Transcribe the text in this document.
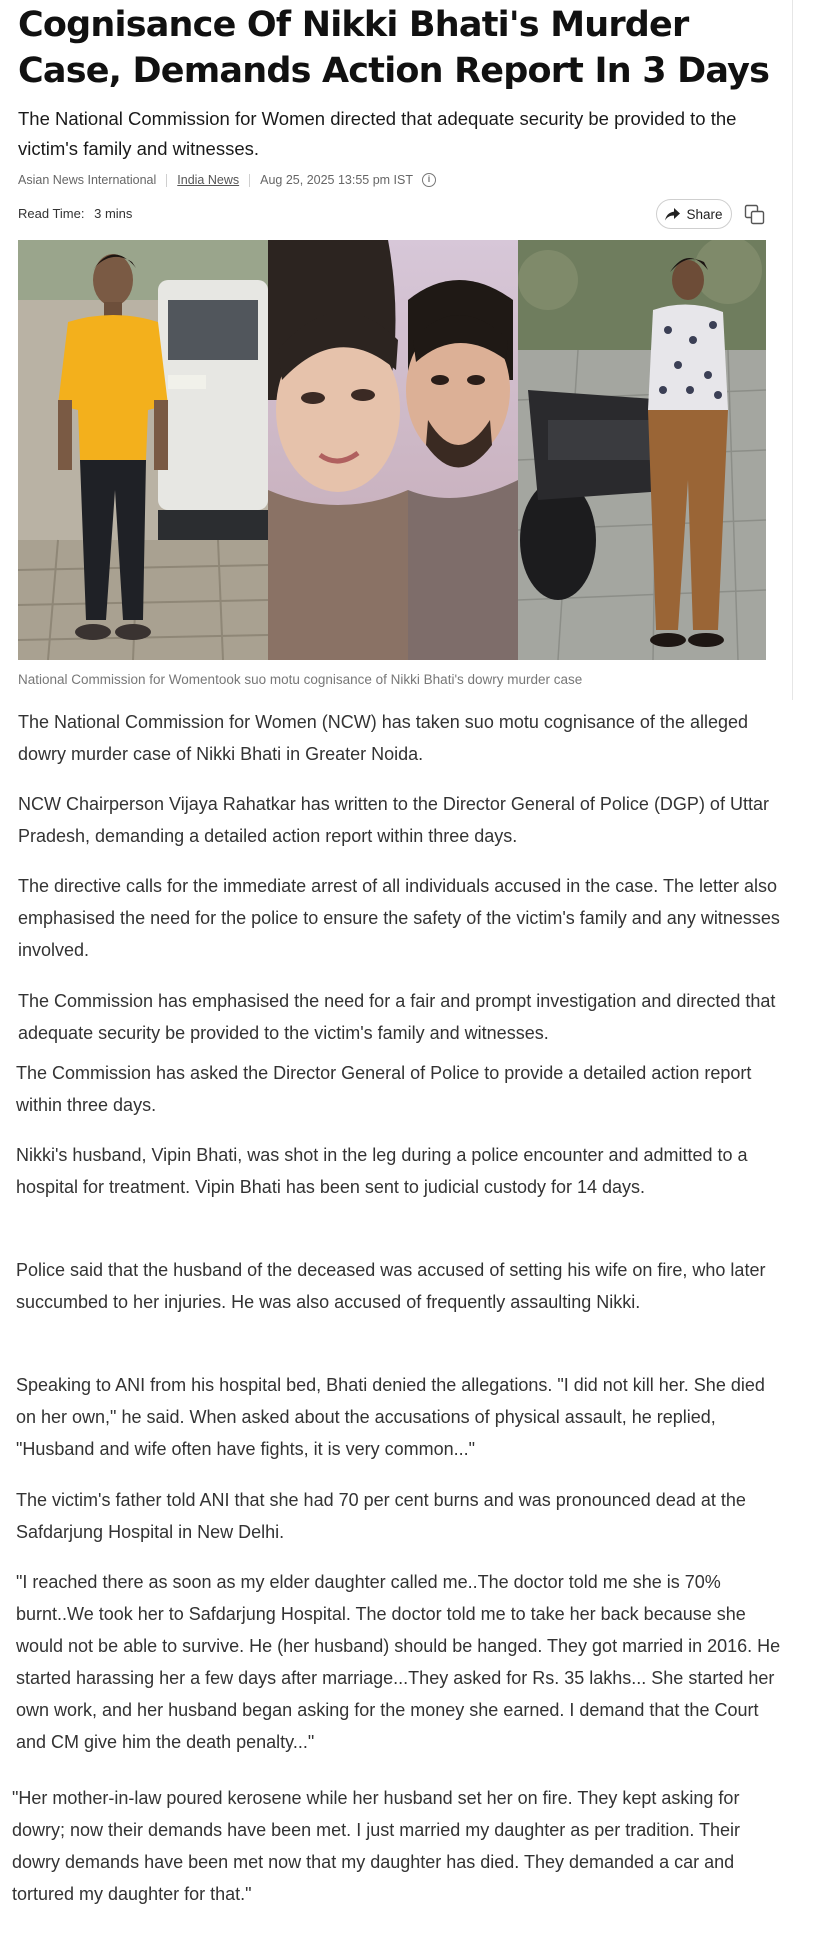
Cognisance Of Nikki Bhati's Murder Case, Demands Action Report In 3 Days

The National Commission for Women directed that adequate security be provided to the victim's family and witnesses.

Asian News International India News Aug 25, 2025 13:55 pm IST	i
Read Time: 3 mins	Share

National Commission for Womentook suo motu cognisance of Nikki Bhati's dowry murder case

The National Commission for Women (NCW) has taken suo motu cognisance of the alleged dowry murder case of Nikki Bhati in Greater Noida.

NCW Chairperson Vijaya Rahatkar has written to the Director General of Police (DGP) of Uttar Pradesh, demanding a detailed action report within three days.

The directive calls for the immediate arrest of all individuals accused in the case. The letter also emphasised the need for the police to ensure the safety of the victim's family and any witnesses involved.

The Commission has emphasised the need for a fair and prompt investigation and directed that adequate security be provided to the victim's family and witnesses.

The Commission has asked the Director General of Police to provide a detailed action report within three days.

Nikki's husband, Vipin Bhati, was shot in the leg during a police encounter and admitted to a hospital for treatment. Vipin Bhati has been sent to judicial custody for 14 days.

Police said that the husband of the deceased was accused of setting his wife on fire, who later succumbed to her injuries. He was also accused of frequently assaulting Nikki.

Speaking to ANI from his hospital bed, Bhati denied the allegations. "I did not kill her. She died on her own," he said. When asked about the accusations of physical assault, he replied, "Husband and wife often have fights, it is very common..."

The victim's father told ANI that she had 70 per cent burns and was pronounced dead at the Safdarjung Hospital in New Delhi.

"I reached there as soon as my elder daughter called me..The doctor told me she is 70% burnt..We took her to Safdarjung Hospital. The doctor told me to take her back because she would not be able to survive. He (her husband) should be hanged. They got married in 2016. He started harassing her a few days after marriage...They asked for Rs. 35 lakhs... She started her own work, and her husband began asking for the money she earned. I demand that the Court and CM give him the death penalty..."

"Her mother-in-law poured kerosene while her husband set her on fire. They kept asking for dowry; now their demands have been met. I just married my daughter as per tradition. Their dowry demands have been met now that my daughter has died. They demanded a car and tortured my daughter for that."
